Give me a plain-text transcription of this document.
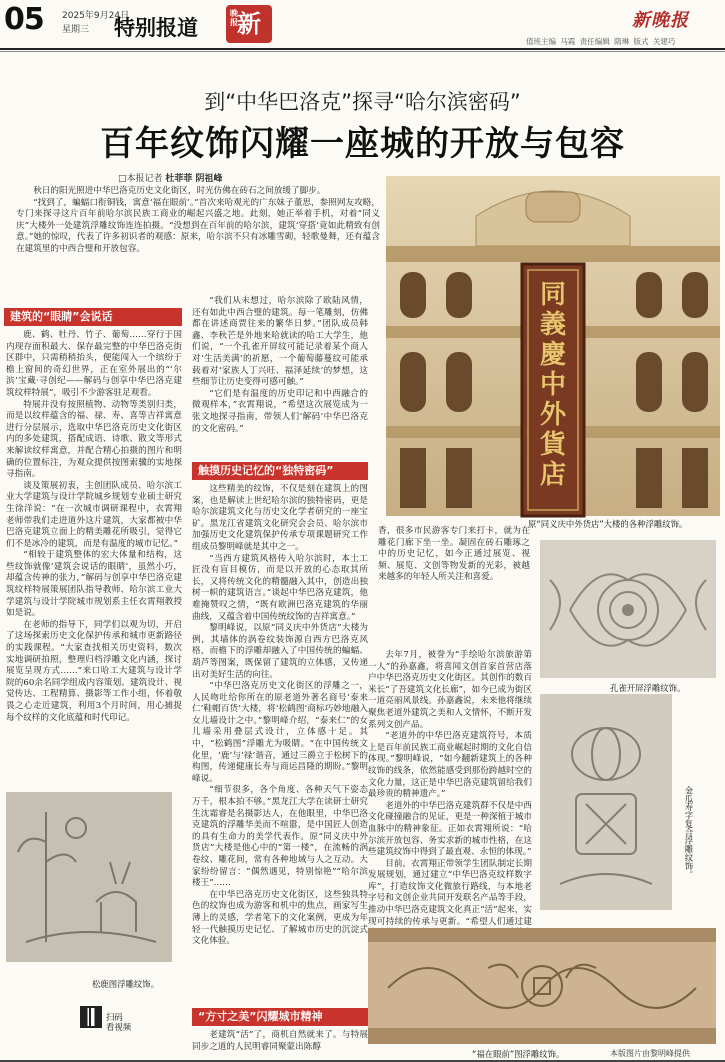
05 2025年9月24日
星期三 特别报道
晚报 新	新晚报
值班主编 马霞 责任编辑 隋琳 版式 关建巧
到“中华巴洛克”探寻“哈尔滨密码”
百年纹饰闪耀一座城的开放与包容
□本报记者 杜菲菲 阴祖峰

秋日的阳光照进中华巴洛克历史文化街区，时光仿佛在砖石之间放缓了脚步。

“找到了，蝙蝠口衔铜钱，寓意‘福在眼前’。”首次来哈观光的广东妹子董思，参照网友攻略，专门来探寻这片百年前哈尔滨民族工商业的崛起兴盛之地。此刻，她正举着手机，对着“同义庆”大楼外一处建筑浮雕纹饰连连拍摄。“没想到在百年前的哈尔滨，建筑‘穿搭’竟如此精致有创意。”她的惊叹，代表了许多初识者的观感：原来，哈尔滨不只有冰雕雪砌，轻歌曼舞，还有蕴含在建筑里的中西合璧和开放包容。

建筑的“眼睛”会说话

鹿、鹤、牡丹、竹子、葡萄……穿行于国内现存面积最大、保存最完整的中华巴洛克街区群中，只需稍稍抬头，便能闯入一个缤纷于檐上窗间的奇幻世界，正在室外展出的“‘尔滨’宝藏·寻创纪——解码与创享中华巴洛克建筑纹样特展”，吸引不少游客驻足观看。

特展并没有按照植物、动物等类别归类，而是以纹样蕴含的福、禄、寿、喜等吉祥寓意进行分层展示，选取中华巴洛克历史文化街区内的多处建筑，搭配成语、诗歌、散文等形式来解读纹样寓意，并配合精心拍摄的图片和明确的位置标注，为观众提供按图索骥的实地探寻指南。

谈及策展初衷，主创团队成员、哈尔滨工业大学建筑与设计学院城乡规划专业硕士研究生徐洋说：“在一次城市调研课程中，衣霄翔老师带我们走进道外这片建筑，大家都被中华巴洛克建筑立面上的精美雕花所吸引，觉得它们不是冰冷的建筑，而是有温度的城市记忆。”

“相较于建筑整体的宏大体量和结构，这些纹饰就像‘建筑会说话的眼睛’，虽然小巧，却蕴含传神的张力，”解码与创享中华巴洛克建筑纹样特展策展团队指导教师、哈尔滨工业大学建筑与设计学院城市规划系主任衣霄翔教授如是说。

在老师的指导下，同学们以观为切，开启了这场探索历史文化保护传承和城市更新路径的实践课程。“大家查找相关历史资料，数次实地调研拍照，整理归档浮雕文化内涵，探讨展览呈现方式……”来口哈工大建筑与设计学院的60余名同学组成内容策划、建筑设计、视觉传达、工程精算、摄影等工作小组，怀着敬畏之心走近建筑，利用3个月时间，用心捕捉每个纹样的文化底蕴和时代印记。

“我们从未想过，哈尔滨除了欧陆风情，还有如此中西合璧的建筑。每一笔雕刻，仿佛都在讲述商贾往来的繁华日梦。”团队成员韩鑫、李秋芒是外地来哈就读的哈工大学生，他们说，“一个孔雀开屏纹可能记录着某个商人对‘生活美满’的祈愿，一个葡萄藤蔓纹可能承载着对‘家族人丁兴旺、福泽延续’的梦想，这些细节让历史变得可感可触。”

“它们是有温度的历史印记和中西融合的微观样本，”衣霄翔说，“希望这次展览成为一张文地探寻指南，带领人们‘解码’中华巴洛克的文化密码。”

触摸历史记忆的“独特密码”

这些精美的纹饰，不仅是刻在建筑上的图案，也是解读上世纪哈尔滨的独特密码，更是哈尔滨建筑文化与历史文化学者研究的一座宝矿。黑龙江省建筑文化研究会会员、哈尔滨市加强历史文化建筑保护传承专项课题研究工作组成员黎明峰就是其中之一。

“当西方建筑风格传入哈尔滨时，本土工匠没有盲目模仿，而是以开放的心态取其所长，又将传统文化的精髓融入其中，创造出独树一帜的建筑语言。”谈起中华巴洛克建筑，他难掩赞叹之情，“既有欧洲巴洛克建筑的华丽曲线，又蕴含着中国传统纹饰的吉祥寓意。”

黎明峰说，以原“同义庆中外货店”大楼为例，其墙体的涡卷纹装饰源自西方巴洛克风格，而檐下的浮雕却融入了中国传统的蝙蝠、葫芦等图案，既保留了建筑的立体感，又传递出对美好生活的向往。

“中华巴洛克历史文化街区的浮雕之一，人民吻吐给你所在的原老道外著名商号‘泰来仁’鞋帽百货’大楼，将‘松鹤图’商标巧妙地融入女儿墙设计之中。”黎明峰介绍，“泰来仁”的女儿墙采用叠层式设计，立体感十足。其中，“松鹤图”浮雕尤为吸睛。“在中国传统文化里，‘鹿’与‘禄’谐音，通过三爵立于松树下的构图，传递健康长寿与商运昌隆的期盼。”黎明峰说。

“细节很多，各个角度、各种天气下姿态万千，根本拍不够。”黑龙江大学在读研士研究生沈霜睿是名摄影达人，在他眼里，中华巴洛克建筑的浮雕华美而不喧嚣，是中国匠人创造的具有生命力的美学代表作。原“同义庆中外货店”大楼是他心中的“第一楼”，在流畅的涡卷纹、雕花间，常有各种地域与人之互动。大家纷纷留言：“偶然遇见，特别惊艳”“哈尔滨楼王”……

在中华巴洛克历史文化街区，这些独具特色的纹饰也成为游客和机中的焦点，画家写生薄上的灵感，学者笔下的文化案例，更成为年轻一代触摸历史记忆、了解城市历史的沉淀式文化体验。

“方寸之美”闪耀城市精神

老建筑“活”了，商机自然就来了。与特展同步之道的人民明睿同聚蒙出陈醇

香，很多市民游客专门来打卡，就为在雕花门廊下坐一坐。凝固在砖石雕琢之中的历史记忆，如今正通过展览、视频、展览、文创等物发新的光彩，被越来越多的年轻人所关注和喜爱。

去年7月，被誉为“手绘哈尔滨旅游第一人”的孙嘉鑫，将喜闻文创首家首营店落户中华巴洛克历史文化街区。其创作的数百米长“了吾建筑文化长廊”，如今已成为街区一道亮丽风景线。孙嘉鑫说，未来他将继续聚焦老道外建筑之美和人文情怀，不断开发系列文创产品。

“老道外的中华巴洛克建筑符号，本质上是百年前民族工商业崛起时期的文化自信体现。”黎明峰说，“如今翻新建筑上的各种纹饰的线条，依然能感受到那份跨越时空的文化力量，这正是中华巴洛克建筑留给我们最珍贵的精神遗产。”

老道外的中华巴洛克建筑群不仅是中西文化碰撞融合的见证，更是一种深植于城市血脉中的精神象征。正如衣霄翔所说：“哈尔滨开放包容、务实求新的城市性格，在这些建筑纹饰中得到了最直观、永恒的体现。”

目前，衣霄翔正带领学生团队制定长期发展规划，通过建立“中华巴洛克纹样数字库”，打造纹饰文化微旅行路线，与本地老字号和文创企业共同开发联名产品等手段，推动中华巴洛克建筑文化真正“活”起来，实现可持续的传承与更新。“希望人们通过建

同義慶中外貨店
原“同义庆中外货店”大楼的各种浮雕纹饰。
孔雀开屏浮雕纹饰。
金瓜寿字复合浮雕纹饰。
松鹿图浮雕纹饰。
扫码
看视频
“福在眼前”图浮雕纹饰。	本版图片由黎明峰提供
